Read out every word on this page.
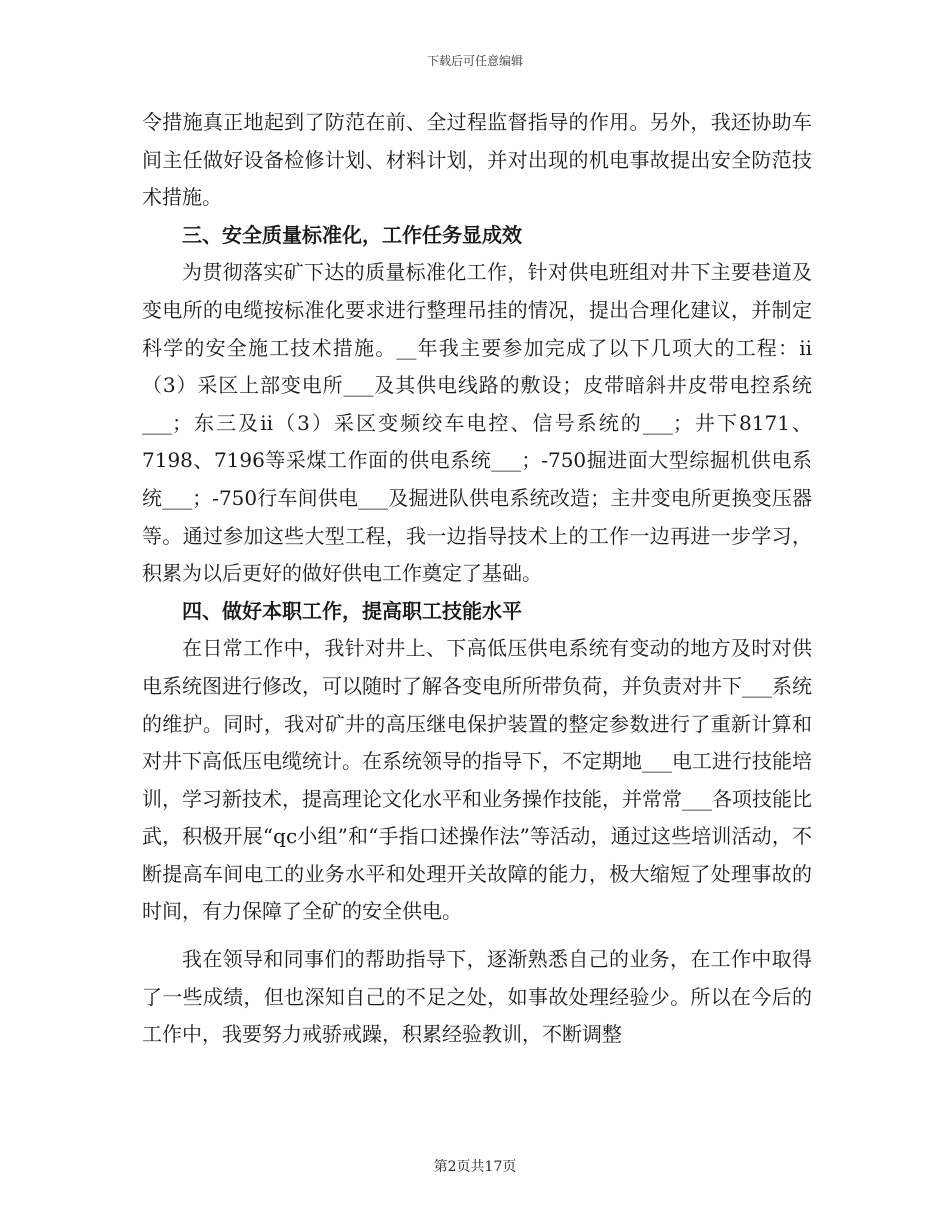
下载后可任意编辑

令措施真正地起到了防范在前、全过程监督指导的作用。另外，我还协助车间主任做好设备检修计划、材料计划，并对出现的机电事故提出安全防范技术措施。

三、安全质量标准化，工作任务显成效

为贯彻落实矿下达的质量标准化工作，针对供电班组对井下主要巷道及变电所的电缆按标准化要求进行整理吊挂的情况，提出合理化建议，并制定科学的安全施工技术措施。__年我主要参加完成了以下几项大的工程：ⅱ（3）采区上部变电所___及其供电线路的敷设；皮带暗斜井皮带电控系统___；东三及ⅱ（3）采区变频绞车电控、信号系统的___；井下8171、7198、7196等采煤工作面的供电系统___；-750掘进面大型综掘机供电系统___；-750行车间供电___及掘进队供电系统改造；主井变电所更换变压器等。通过参加这些大型工程，我一边指导技术上的工作一边再进一步学习，积累为以后更好的做好供电工作奠定了基础。

四、做好本职工作，提高职工技能水平

在日常工作中，我针对井上、下高低压供电系统有变动的地方及时对供电系统图进行修改，可以随时了解各变电所所带负荷，并负责对井下___系统的维护。同时，我对矿井的高压继电保护装置的整定参数进行了重新计算和对井下高低压电缆统计。在系统领导的指导下，不定期地___电工进行技能培训，学习新技术，提高理论文化水平和业务操作技能，并常常___各项技能比武，积极开展“qc小组”和“手指口述操作法”等活动，通过这些培训活动，不断提高车间电工的业务水平和处理开关故障的能力，极大缩短了处理事故的时间，有力保障了全矿的安全供电。

我在领导和同事们的帮助指导下，逐渐熟悉自己的业务，在工作中取得了一些成绩，但也深知自己的不足之处，如事故处理经验少。所以在今后的工作中，我要努力戒骄戒躁，积累经验教训，不断调整

第2页共17页
